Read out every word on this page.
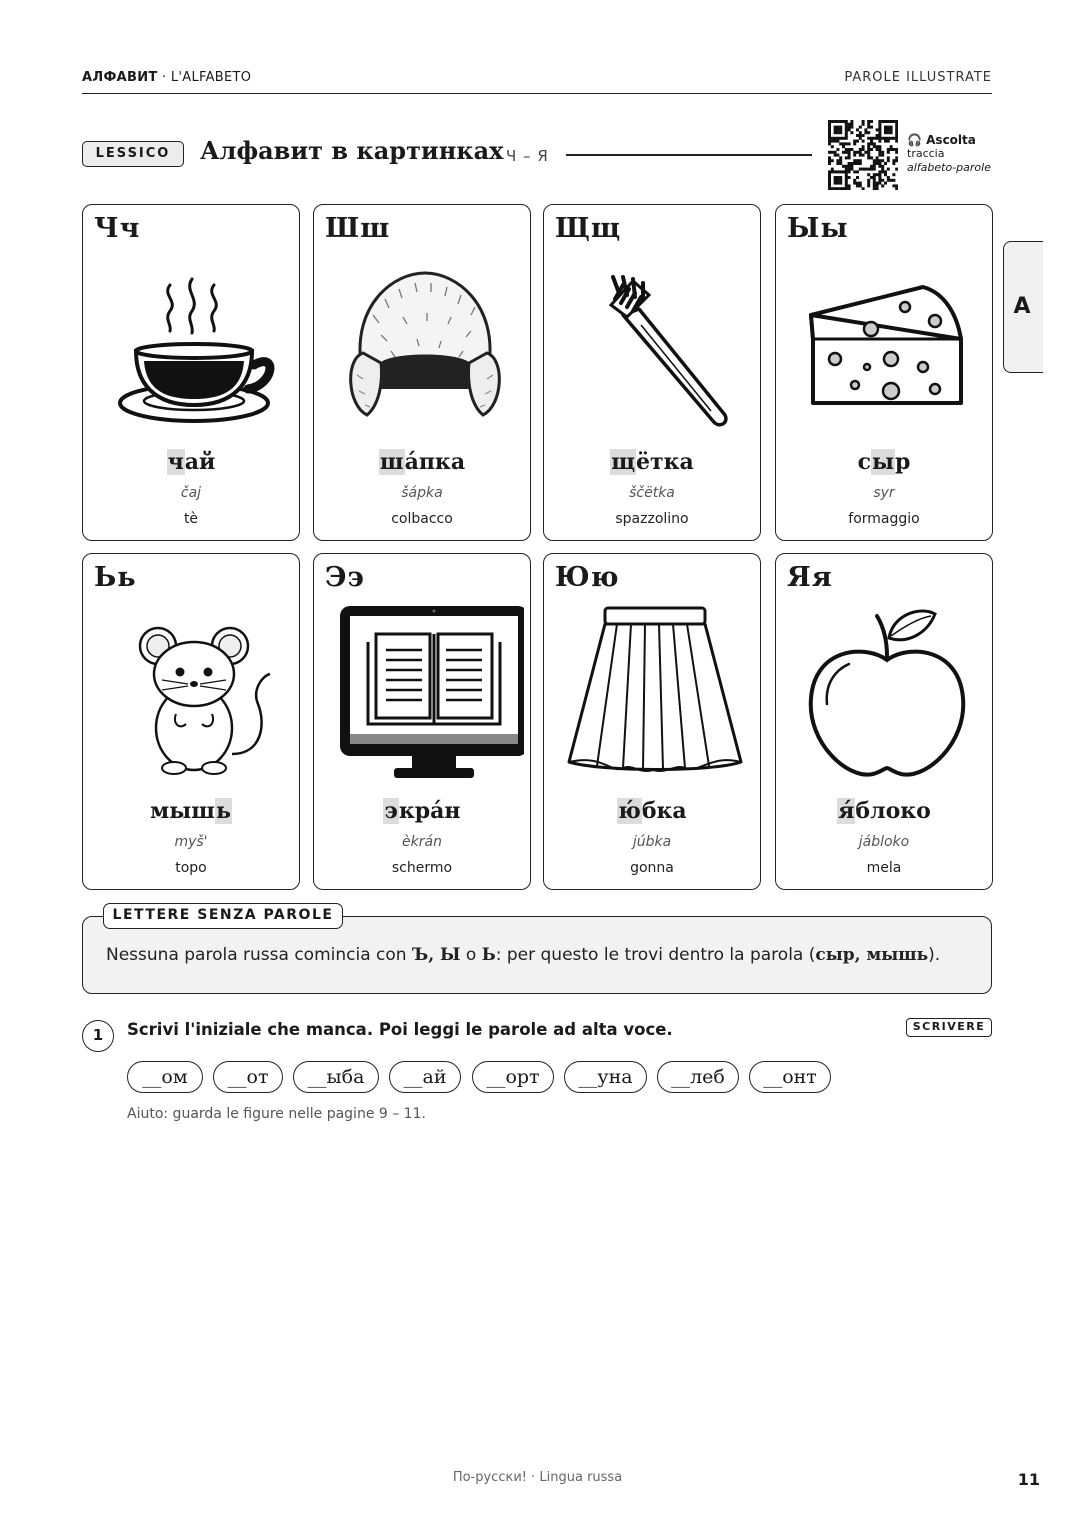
АЛФАВИТ · L'ALFABETO	PAROLE ILLUSTRATE
LESSICO	Алфавит в картинках Ч – Я
🎧 Ascolta
traccia
alfabeto-parole
A
Чч
чай
čaj
tè
Шш
ша́пка
šápka
colbacco
Щщ
щётка
ščëtka
spazzolino
Ыы
сыр
syr
formaggio
Ьь
мышь
myš'
topo
Ээ
экра́н
èkrán
schermo
Юю
ю́бка
júbka
gonna
Яя
я́блоко
jábloko
mela
LETTERE SENZA PAROLE
Nessuna parola russa comincia con Ъ, Ы o Ь: per questo le trovi dentro la parola (сыр, мышь).
1	Scrivi l'iniziale che manca. Poi leggi le parole ad alta voce.	SCRIVERE
__ом	__от	__ыба	__ай	__орт	__уна	__леб	__онт
Aiuto: guarda le figure nelle pagine 9 – 11.
По-русски! · Lingua russa	11
